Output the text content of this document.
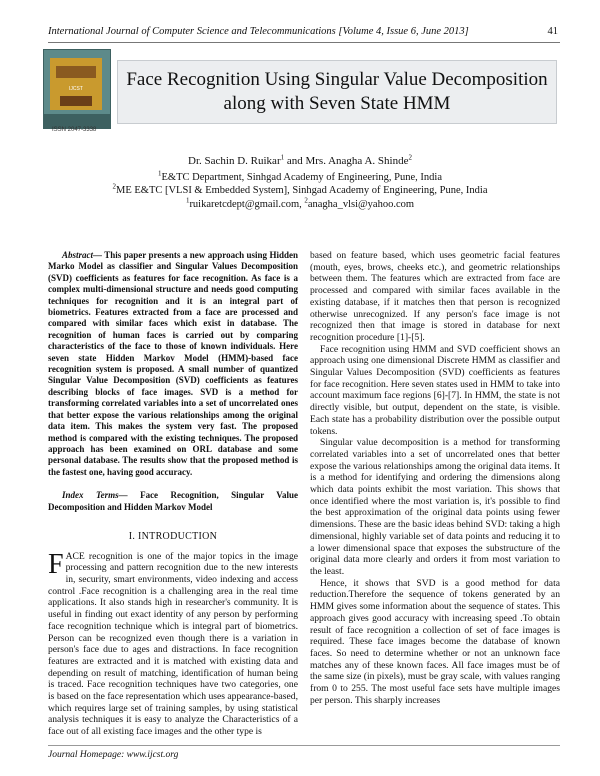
International Journal of Computer Science and Telecommunications [Volume 4, Issue 6, June 2013]	41
IJCST
ISSN 2047-3338
Face Recognition Using Singular Value Decomposition
along with Seven State HMM
Dr. Sachin D. Ruikar$^1$ and Mrs. Anagha A. Shinde$^2$
$^1$E&TC Department, Sinhgad Academy of Engineering, Pune, India
$^2$ME E&TC [VLSI & Embedded System], Sinhgad Academy of Engineering, Pune, India
$^1$ruikaretcdept@gmail.com, $^2$anagha_vlsi@yahoo.com

Abstract— This paper presents a new approach using Hidden Marko Model as classifier and Singular Values Decomposition (SVD) coefficients as features for face recognition. As face is a complex multi-dimensional structure and needs good computing techniques for recognition and it is an integral part of biometrics. Features extracted from a face are processed and compared with similar faces which exist in database. The recognition of human faces is carried out by comparing characteristics of the face to those of known individuals. Here seven state Hidden Markov Model (HMM)-based face recognition system is proposed. A small number of quantized Singular Value Decomposition (SVD) coefficients as features describing blocks of face images. SVD is a method for transforming correlated variables into a set of uncorrelated ones that better expose the various relationships among the original data item. This makes the system very fast. The proposed method is compared with the existing techniques. The proposed approach has been examined on ORL database and some personal database. The results show that the proposed method is the fastest one, having good accuracy.

Index Terms— Face Recognition, Singular Value Decomposition and Hidden Markov Model

I. INTRODUCTION

FACE recognition is one of the major topics in the image processing and pattern recognition due to the new interests in, security, smart environments, video indexing and access control .Face recognition is a challenging area in the real time applications. It also stands high in researcher's community. It is useful in finding out exact identity of any person by performing face recognition technique which is integral part of biometrics. Person can be recognized even though there is a variation in person's face due to ages and distractions. In face recognition features are extracted and it is matched with existing data and depending on result of matching, identification of human being is traced. Face recognition techniques have two categories, one is based on the face representation which uses appearance-based, which requires large set of training samples, by using statistical analysis techniques it is easy to analyze the Characteristics of a face out of all existing face images and the other type is

based on feature based, which uses geometric facial features (mouth, eyes, brows, cheeks etc.), and geometric relationships between them. The features which are extracted from face are processed and compared with similar faces available in the existing database, if it matches then that person is recognized otherwise unrecognized. If any person's face image is not recognized then that image is stored in database for next recognition procedure [1]-[5].

Face recognition using HMM and SVD coefficient shows an approach using one dimensional Discrete HMM as classifier and Singular Values Decomposition (SVD) coefficients as features for face recognition. Here seven states used in HMM to take into account maximum face regions [6]-[7]. In HMM, the state is not directly visible, but output, dependent on the state, is visible. Each state has a probability distribution over the possible output tokens.

Singular value decomposition is a method for transforming correlated variables into a set of uncorrelated ones that better expose the various relationships among the original data items. It is a method for identifying and ordering the dimensions along which data points exhibit the most variation. This shows that once identified where the most variation is, it's possible to find the best approximation of the original data points using fewer dimensions. These are the basic ideas behind SVD: taking a high dimensional, highly variable set of data points and reducing it to a lower dimensional space that exposes the substructure of the original data more clearly and orders it from most variation to the least.

Hence, it shows that SVD is a good method for data reduction.Therefore the sequence of tokens generated by an HMM gives some information about the sequence of states. This approach gives good accuracy with increasing speed .To obtain result of face recognition a collection of set of face images is required. These face images become the database of known faces. So need to determine whether or not an unknown face matches any of these known faces. All face images must be of the same size (in pixels), must be gray scale, with values ranging from 0 to 255. The most useful face sets have multiple images per person. This sharply increases

Journal Homepage: www.ijcst.org
